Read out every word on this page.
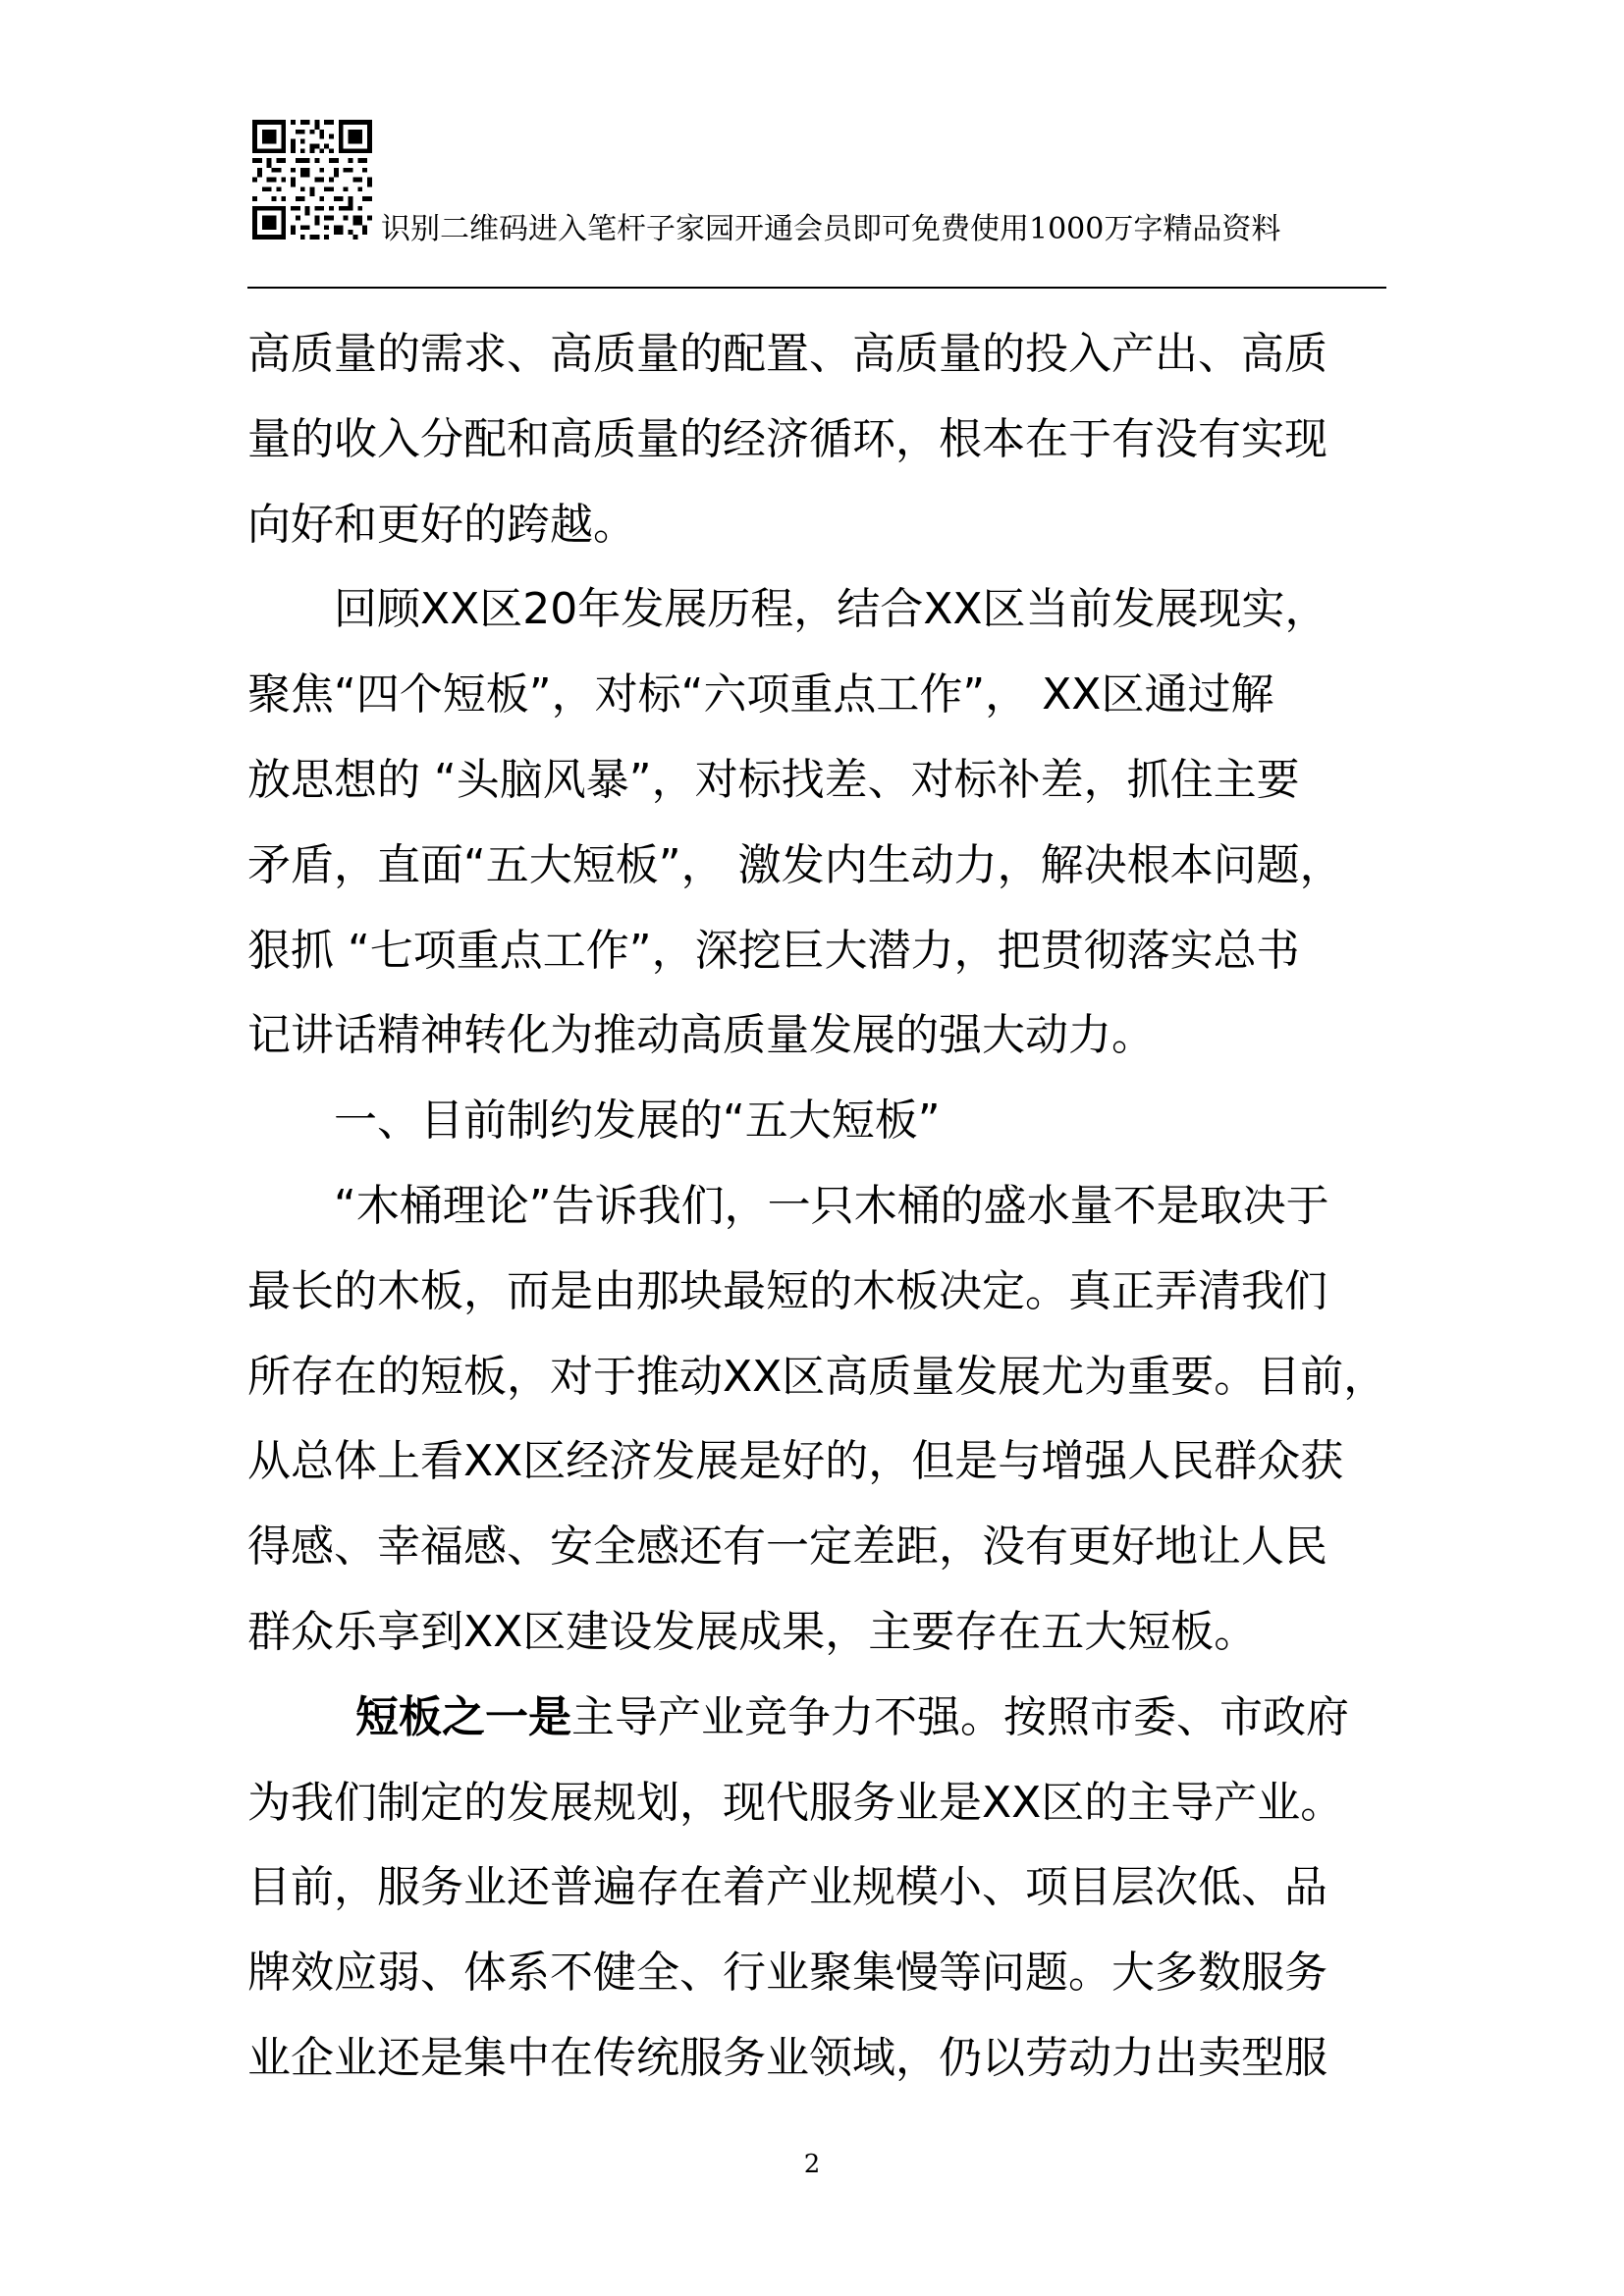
识别二维码进入笔杆子家园开通会员即可免费使用1000万字精品资料
高质量的需求、高质量的配置、高质量的投入产出、高质
量的收入分配和高质量的经济循环，根本在于有没有实现
向好和更好的跨越。
回顾XX区20年发展历程，结合XX区当前发展现实，
聚焦“四个短板”，对标“六项重点工作”， XX区通过解
放思想的 “头脑风暴”，对标找差、对标补差，抓住主要
矛盾，直面“五大短板”， 激发内生动力，解决根本问题，
狠抓 “七项重点工作”，深挖巨大潜力，把贯彻落实总书
记讲话精神转化为推动高质量发展的强大动力。
一、目前制约发展的“五大短板”
“木桶理论”告诉我们，一只木桶的盛水量不是取决于
最长的木板，而是由那块最短的木板决定。真正弄清我们
所存在的短板，对于推动XX区高质量发展尤为重要。目前，
从总体上看XX区经济发展是好的，但是与增强人民群众获
得感、幸福感、安全感还有一定差距，没有更好地让人民
群众乐享到XX区建设发展成果，主要存在五大短板。
短板之一是主导产业竞争力不强。按照市委、市政府
为我们制定的发展规划，现代服务业是XX区的主导产业。
目前，服务业还普遍存在着产业规模小、项目层次低、品
牌效应弱、体系不健全、行业聚集慢等问题。大多数服务
业企业还是集中在传统服务业领域，仍以劳动力出卖型服
2
